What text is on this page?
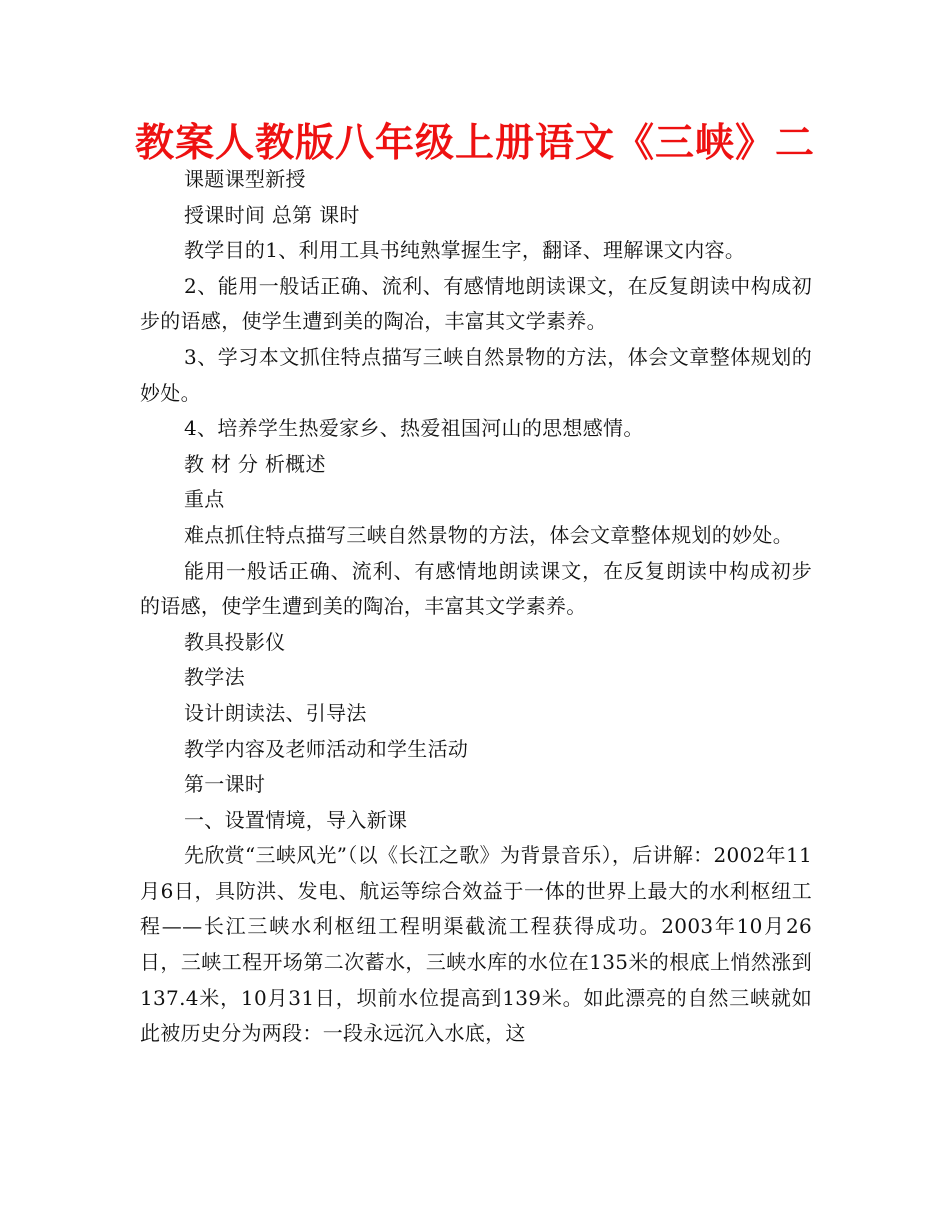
教案人教版八年级上册语文《三峡》二

课题课型新授

授课时间 总第 课时

教学目的1、利用工具书纯熟掌握生字，翻译、理解课文内容。

2、能用一般话正确、流利、有感情地朗读课文，在反复朗读中构成初步的语感，使学生遭到美的陶冶，丰富其文学素养。

3、学习本文抓住特点描写三峡自然景物的方法，体会文章整体规划的妙处。

4、培养学生热爱家乡、热爱祖国河山的思想感情。

教 材 分 析概述

重点

难点抓住特点描写三峡自然景物的方法，体会文章整体规划的妙处。

能用一般话正确、流利、有感情地朗读课文，在反复朗读中构成初步的语感，使学生遭到美的陶冶，丰富其文学素养。

教具投影仪

教学法

设计朗读法、引导法

教学内容及老师活动和学生活动

第一课时

一、设置情境，导入新课

先欣赏“三峡风光”（以《长江之歌》为背景音乐），后讲解：2002年11月6日，具防洪、发电、航运等综合效益于一体的世界上最大的水利枢纽工程——长江三峡水利枢纽工程明渠截流工程获得成功。2003年10月26日，三峡工程开场第二次蓄水，三峡水库的水位在135米的根底上悄然涨到137.4米，10月31日，坝前水位提高到139米。如此漂亮的自然三峡就如此被历史分为两段：一段永远沉入水底，这
